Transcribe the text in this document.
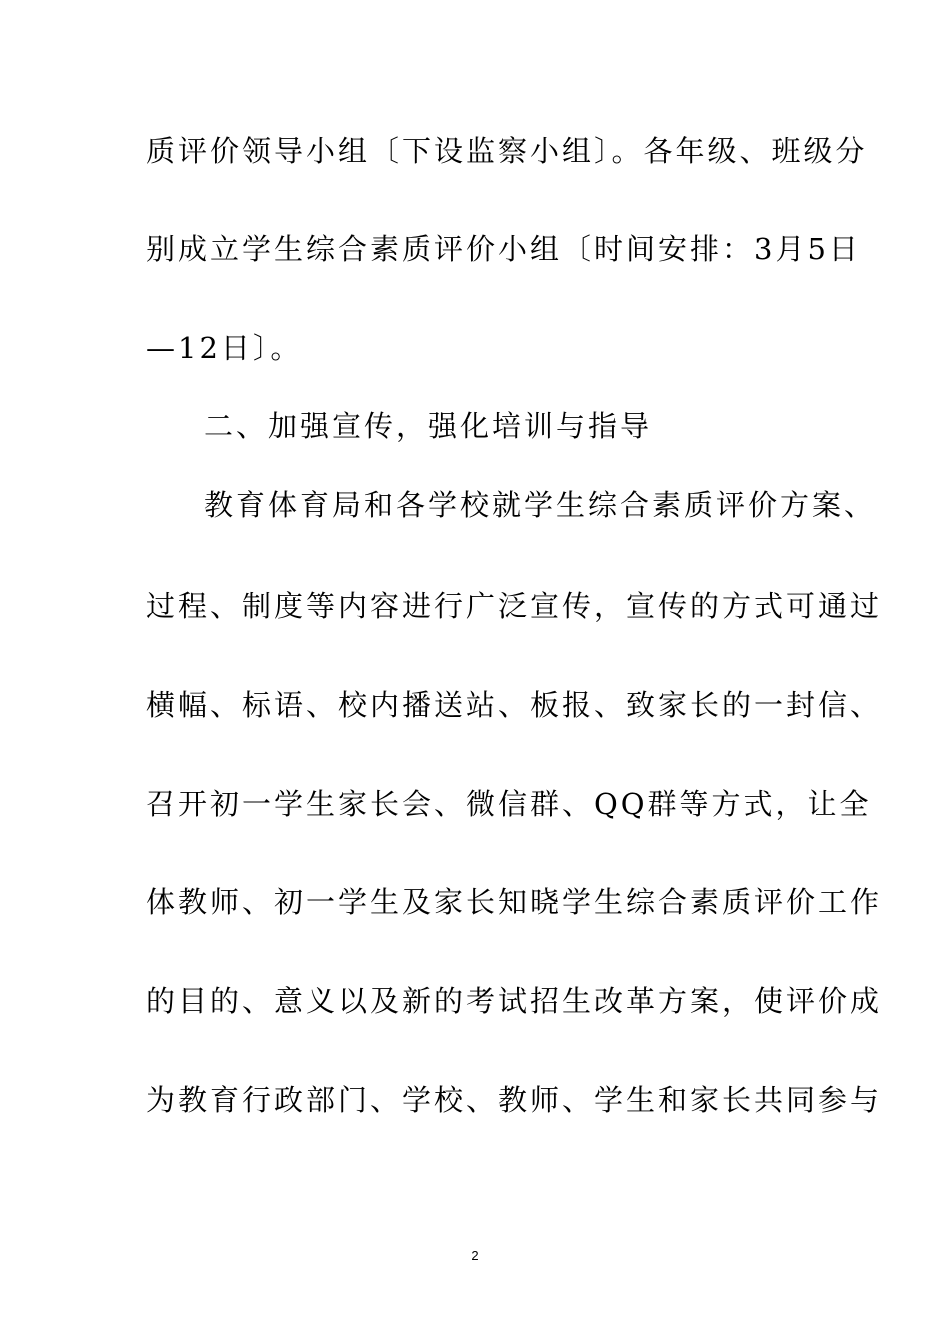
质评价领导小组〔下设监察小组〕。各年级、班级分
别成立学生综合素质评价小组〔时间安排：3月5日
—12日〕。
二、加强宣传，强化培训与指导
教育体育局和各学校就学生综合素质评价方案、
过程、制度等内容进行广泛宣传，宣传的方式可通过
横幅、标语、校内播送站、板报、致家长的一封信、
召开初一学生家长会、微信群、QQ群等方式，让全
体教师、初一学生及家长知晓学生综合素质评价工作
的目的、意义以及新的考试招生改革方案，使评价成
为教育行政部门、学校、教师、学生和家长共同参与
2
